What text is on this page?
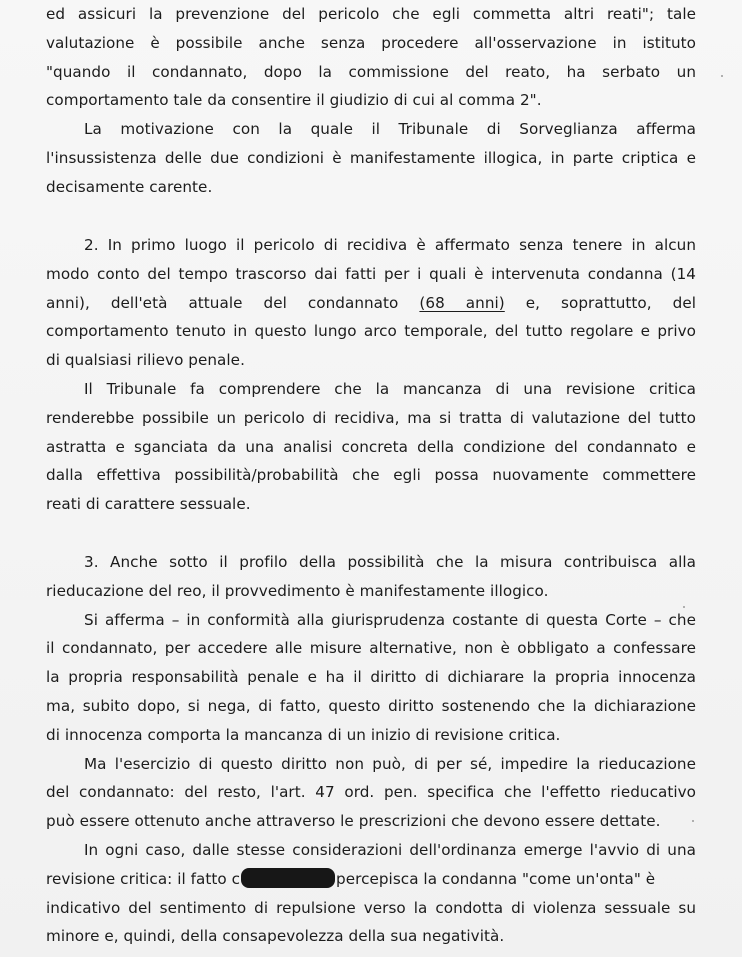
ed assicuri la prevenzione del pericolo che egli commetta altri reati"; tale
valutazione è possibile anche senza procedere all'osservazione in istituto
"quando il condannato, dopo la commissione del reato, ha serbato un
comportamento tale da consentire il giudizio di cui al comma 2".
La motivazione con la quale il Tribunale di Sorveglianza afferma
l'insussistenza delle due condizioni è manifestamente illogica, in parte criptica e
decisamente carente.
2. In primo luogo il pericolo di recidiva è affermato senza tenere in alcun
modo conto del tempo trascorso dai fatti per i quali è intervenuta condanna (14
anni), dell'età attuale del condannato (68 anni) e, soprattutto, del
comportamento tenuto in questo lungo arco temporale, del tutto regolare e privo
di qualsiasi rilievo penale.
Il Tribunale fa comprendere che la mancanza di una revisione critica
renderebbe possibile un pericolo di recidiva, ma si tratta di valutazione del tutto
astratta e sganciata da una analisi concreta della condizione del condannato e
dalla effettiva possibilità/probabilità che egli possa nuovamente commettere
reati di carattere sessuale.
3. Anche sotto il profilo della possibilità che la misura contribuisca alla
rieducazione del reo, il provvedimento è manifestamente illogico.
Si afferma – in conformità alla giurisprudenza costante di questa Corte – che
il condannato, per accedere alle misure alternative, non è obbligato a confessare
la propria responsabilità penale e ha il diritto di dichiarare la propria innocenza
ma, subito dopo, si nega, di fatto, questo diritto sostenendo che la dichiarazione
di innocenza comporta la mancanza di un inizio di revisione critica.
Ma l'esercizio di questo diritto non può, di per sé, impedire la rieducazione
del condannato: del resto, l'art. 47 ord. pen. specifica che l'effetto rieducativo
può essere ottenuto anche attraverso le prescrizioni che devono essere dettate.
In ogni caso, dalle stesse considerazioni dell'ordinanza emerge l'avvio di una
revisione critica: il fatto c	percepisca la condanna "come un'onta" è
indicativo del sentimento di repulsione verso la condotta di violenza sessuale su
minore e, quindi, della consapevolezza della sua negatività.
